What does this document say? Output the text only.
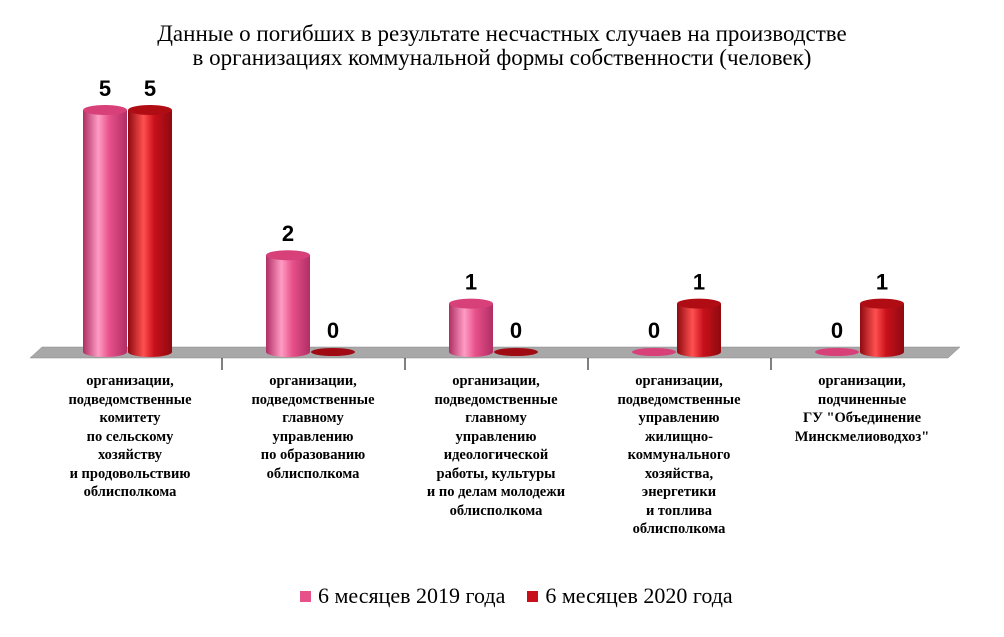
Данные о погибших в результате несчастных случаев на производстве
в организациях коммунальной формы собственности (человек)
5 5
2
0
1
0	0
1
0
1
организации,
подведомственные
комитету
по сельскому
хозяйству
и продовольствию
облисполкома
организации,
подведомственные
главному
управлению
по образованию
облисполкома
организации,
подведомственные
главному
управлению
идеологической
работы, культуры
и по делам молодежи
облисполкома
организации,
подведомственные
управлению
жилищно-
коммунального
хозяйства,
энергетики
и топлива
облисполкома
организации,
подчиненные
ГУ "Объединение
Минскмелиоводхоз"
6 месяцев 2019 года 6 месяцев 2020 года
